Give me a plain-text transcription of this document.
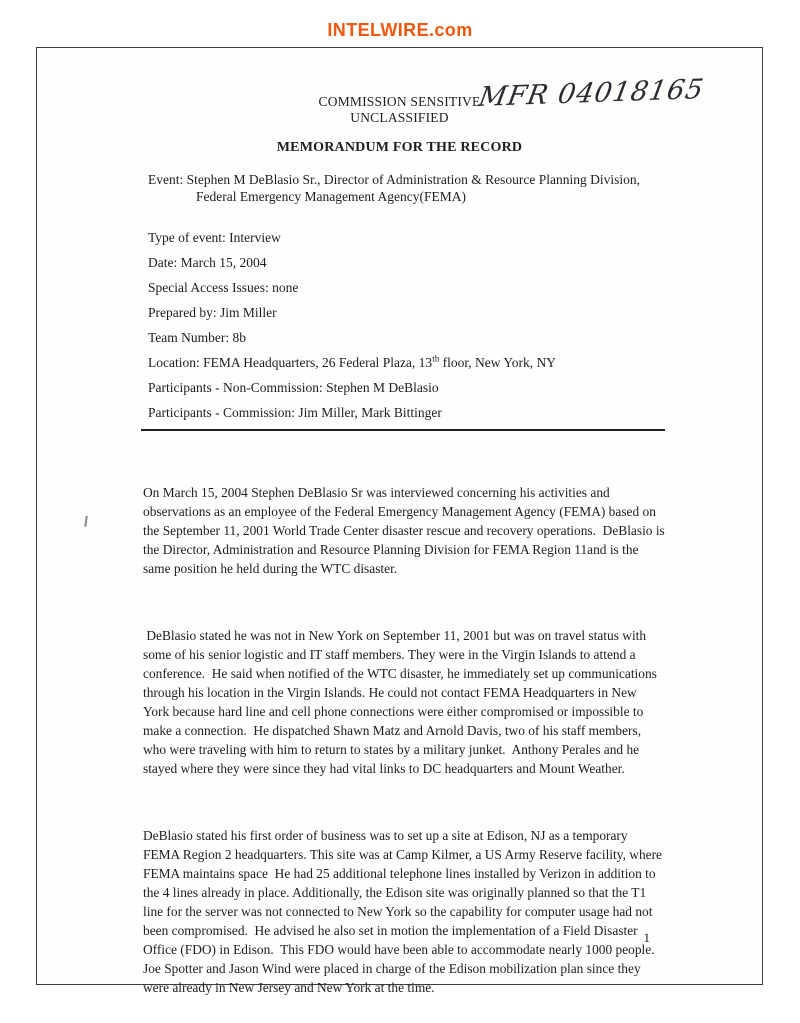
INTELWIRE.com
MFR 04018165
COMMISSION SENSITIVE
UNCLASSIFIED
MEMORANDUM FOR THE RECORD

Event: Stephen M DeBlasio Sr., Director of Administration & Resource Planning Division, Federal Emergency Management Agency(FEMA)

Type of event: Interview

Date: March 15, 2004

Special Access Issues: none

Prepared by: Jim Miller

Team Number: 8b

Location: FEMA Headquarters, 26 Federal Plaza, 13th floor, New York, NY

Participants - Non-Commission: Stephen M DeBlasio

Participants - Commission: Jim Miller, Mark Bittinger

On March 15, 2004 Stephen DeBlasio Sr was interviewed concerning his activities and observations as an employee of the Federal Emergency Management Agency (FEMA) based on the September 11, 2001 World Trade Center disaster rescue and recovery operations.  DeBlasio is the Director, Administration and Resource Planning Division for FEMA Region 11and is the same position he held during the WTC disaster.

DeBlasio stated he was not in New York on September 11, 2001 but was on travel status with some of his senior logistic and IT staff members. They were in the Virgin Islands to attend a conference.  He said when notified of the WTC disaster, he immediately set up communications through his location in the Virgin Islands. He could not contact FEMA Headquarters in New York because hard line and cell phone connections were either compromised or impossible to make a connection.  He dispatched Shawn Matz and Arnold Davis, two of his staff members, who were traveling with him to return to states by a military junket.  Anthony Perales and he stayed where they were since they had vital links to DC headquarters and Mount Weather.

DeBlasio stated his first order of business was to set up a site at Edison, NJ as a temporary FEMA Region 2 headquarters. This site was at Camp Kilmer, a US Army Reserve facility, where FEMA maintains space  He had 25 additional telephone lines installed by Verizon in addition to the 4 lines already in place. Additionally, the Edison site was originally planned so that the T1 line for the server was not connected to New York so the capability for computer usage had not been compromised.  He advised he also set in motion the implementation of a Field Disaster Office (FDO) in Edison.  This FDO would have been able to accommodate nearly 1000 people.  Joe Spotter and Jason Wind were placed in charge of the Edison mobilization plan since they were already in New Jersey and New York at the time.

1
